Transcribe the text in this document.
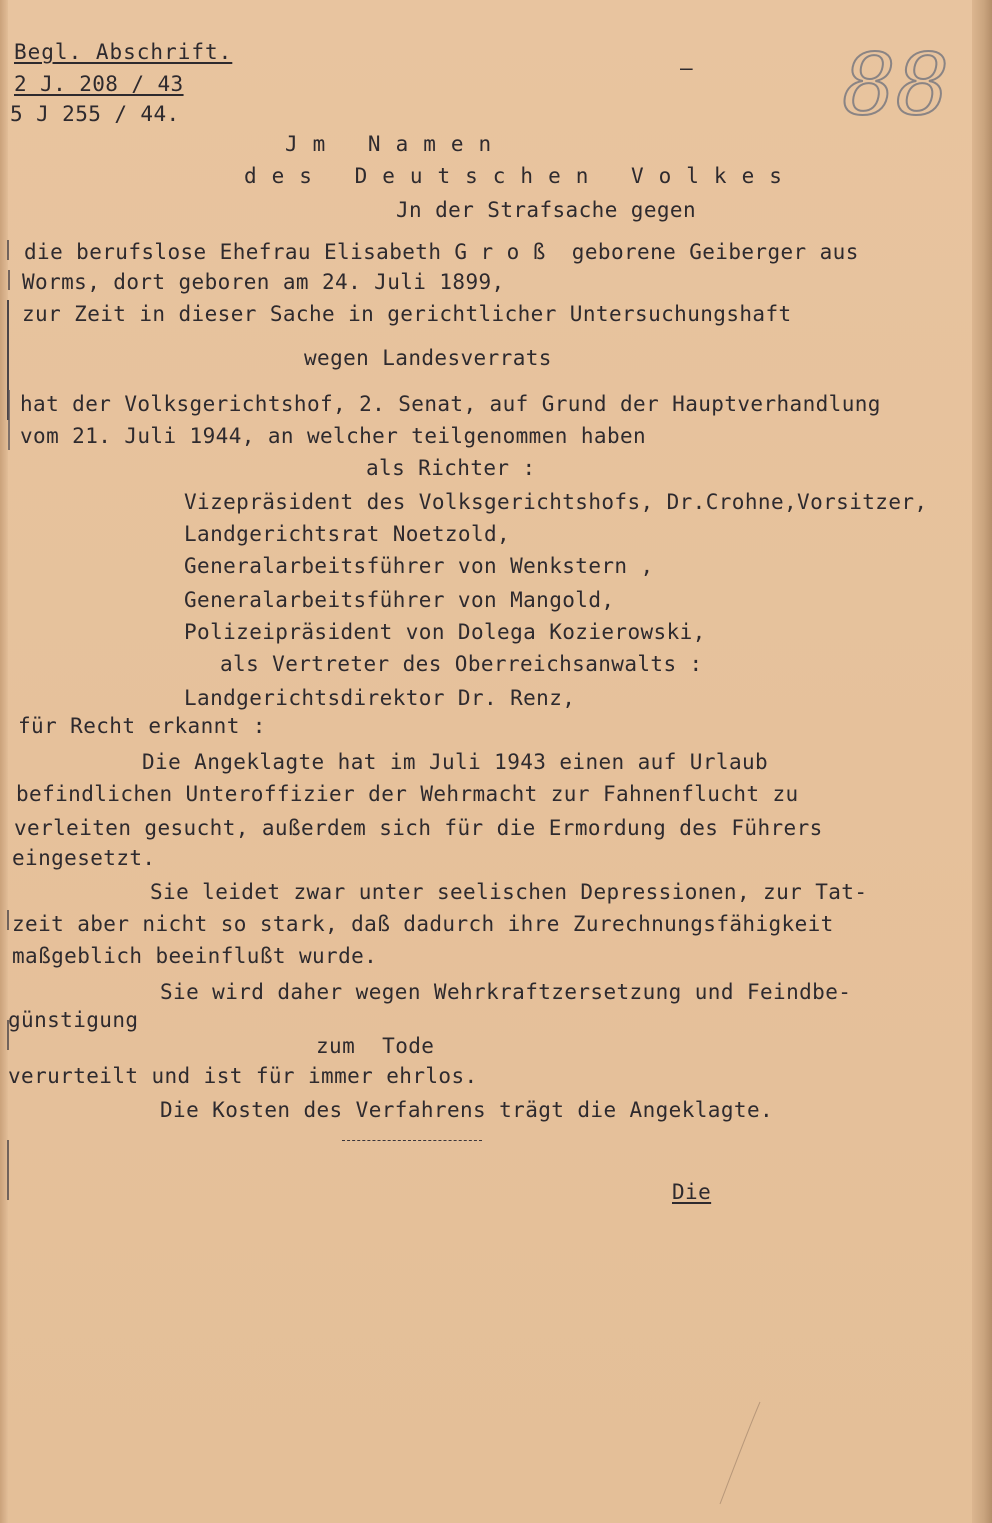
Begl. Abschrift.
2 J. 208 / 43
5 J 255 / 44.
– 88
Jm Namen
des Deutschen Volkes
Jn der Strafsache gegen
die berufslose Ehefrau Elisabeth G r o ß  geborene Geiberger aus
Worms, dort geboren am 24. Juli 1899,
zur Zeit in dieser Sache in gerichtlicher Untersuchungshaft
wegen Landesverrats
hat der Volksgerichtshof, 2. Senat, auf Grund der Hauptverhandlung
vom 21. Juli 1944, an welcher teilgenommen haben
als Richter :
Vizepräsident des Volksgerichtshofs, Dr.Crohne,Vorsitzer,
Landgerichtsrat Noetzold,
Generalarbeitsführer von Wenkstern ,
Generalarbeitsführer von Mangold,
Polizeipräsident von Dolega Kozierowski,
als Vertreter des Oberreichsanwalts :
Landgerichtsdirektor Dr. Renz,
für Recht erkannt :
Die Angeklagte hat im Juli 1943 einen auf Urlaub
befindlichen Unteroffizier der Wehrmacht zur Fahnenflucht zu
verleiten gesucht, außerdem sich für die Ermordung des Führers
eingesetzt.
Sie leidet zwar unter seelischen Depressionen, zur Tat-
zeit aber nicht so stark, daß dadurch ihre Zurechnungsfähigkeit
maßgeblich beeinflußt wurde.
Sie wird daher wegen Wehrkraftzersetzung und Feindbe-
günstigung
zum Tode
verurteilt und ist für immer ehrlos.
Die Kosten des Verfahrens trägt die Angeklagte.
Die
